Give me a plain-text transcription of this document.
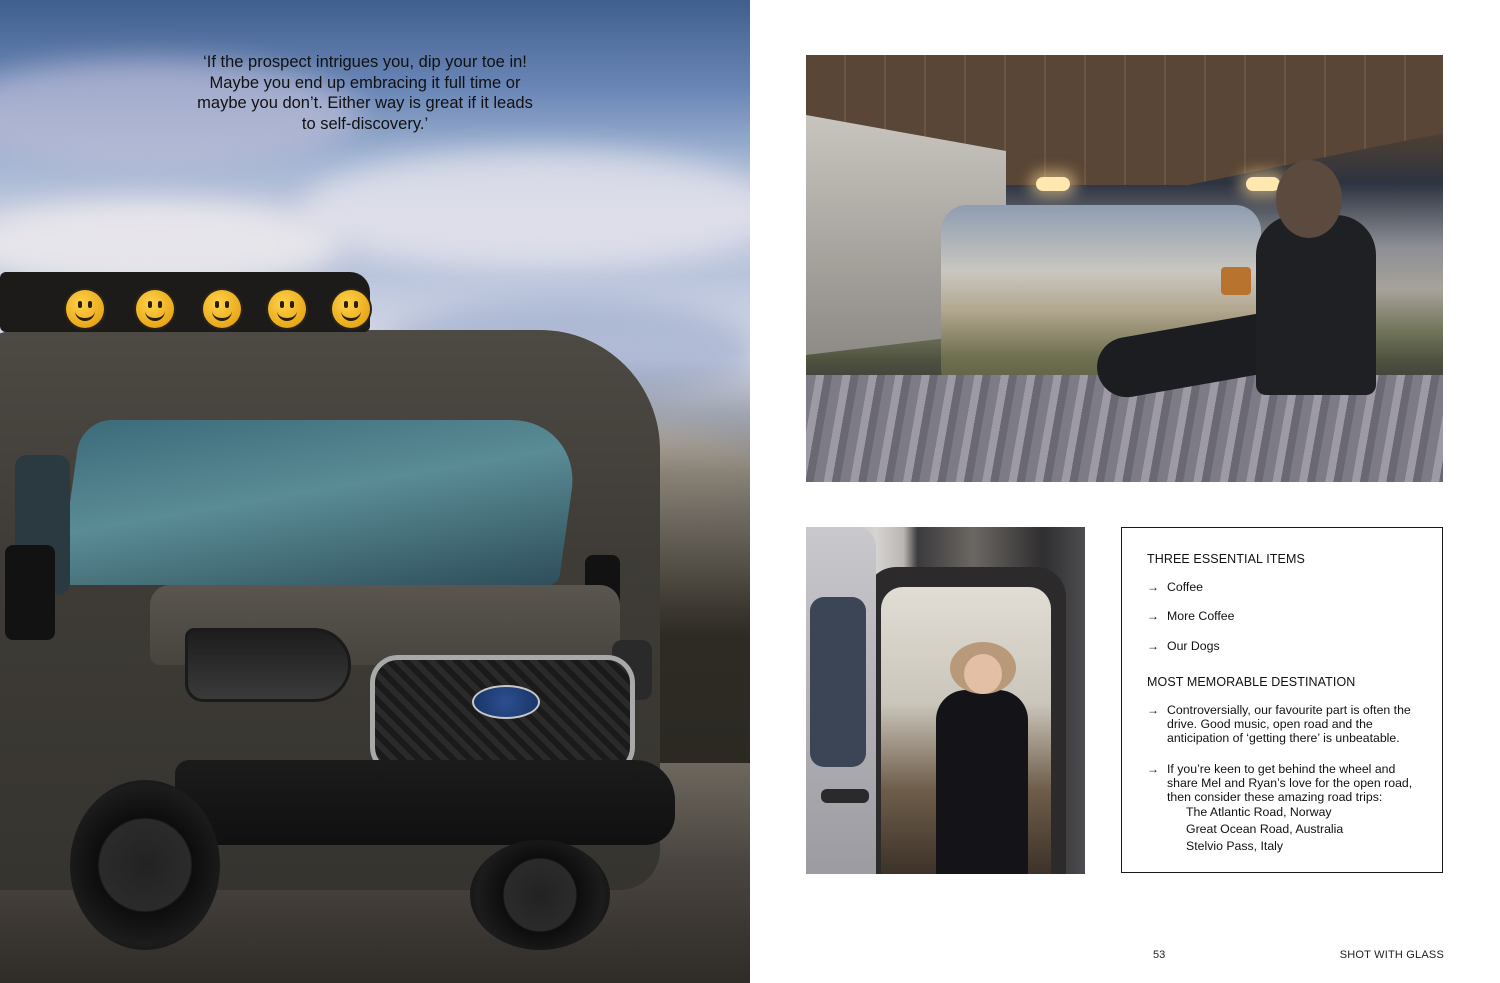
‘If the prospect intrigues you, dip your toe in! Maybe you end up embracing it full time or maybe you don’t. Either way is great if it leads to self-discovery.’

THREE ESSENTIAL ITEMS

→ Coffee
→ More Coffee
→ Our Dogs

MOST MEMORABLE DESTINATION

→ Controversially, our favourite part is often the drive. Good music, open road and the anticipation of ‘getting there’ is unbeatable.
→ If you’re keen to get behind the wheel and share Mel and Ryan’s love for the open road, then consider these amazing road trips:
The Atlantic Road, Norway
Great Ocean Road, Australia
Stelvio Pass, Italy
53	SHOT WITH GLASS
